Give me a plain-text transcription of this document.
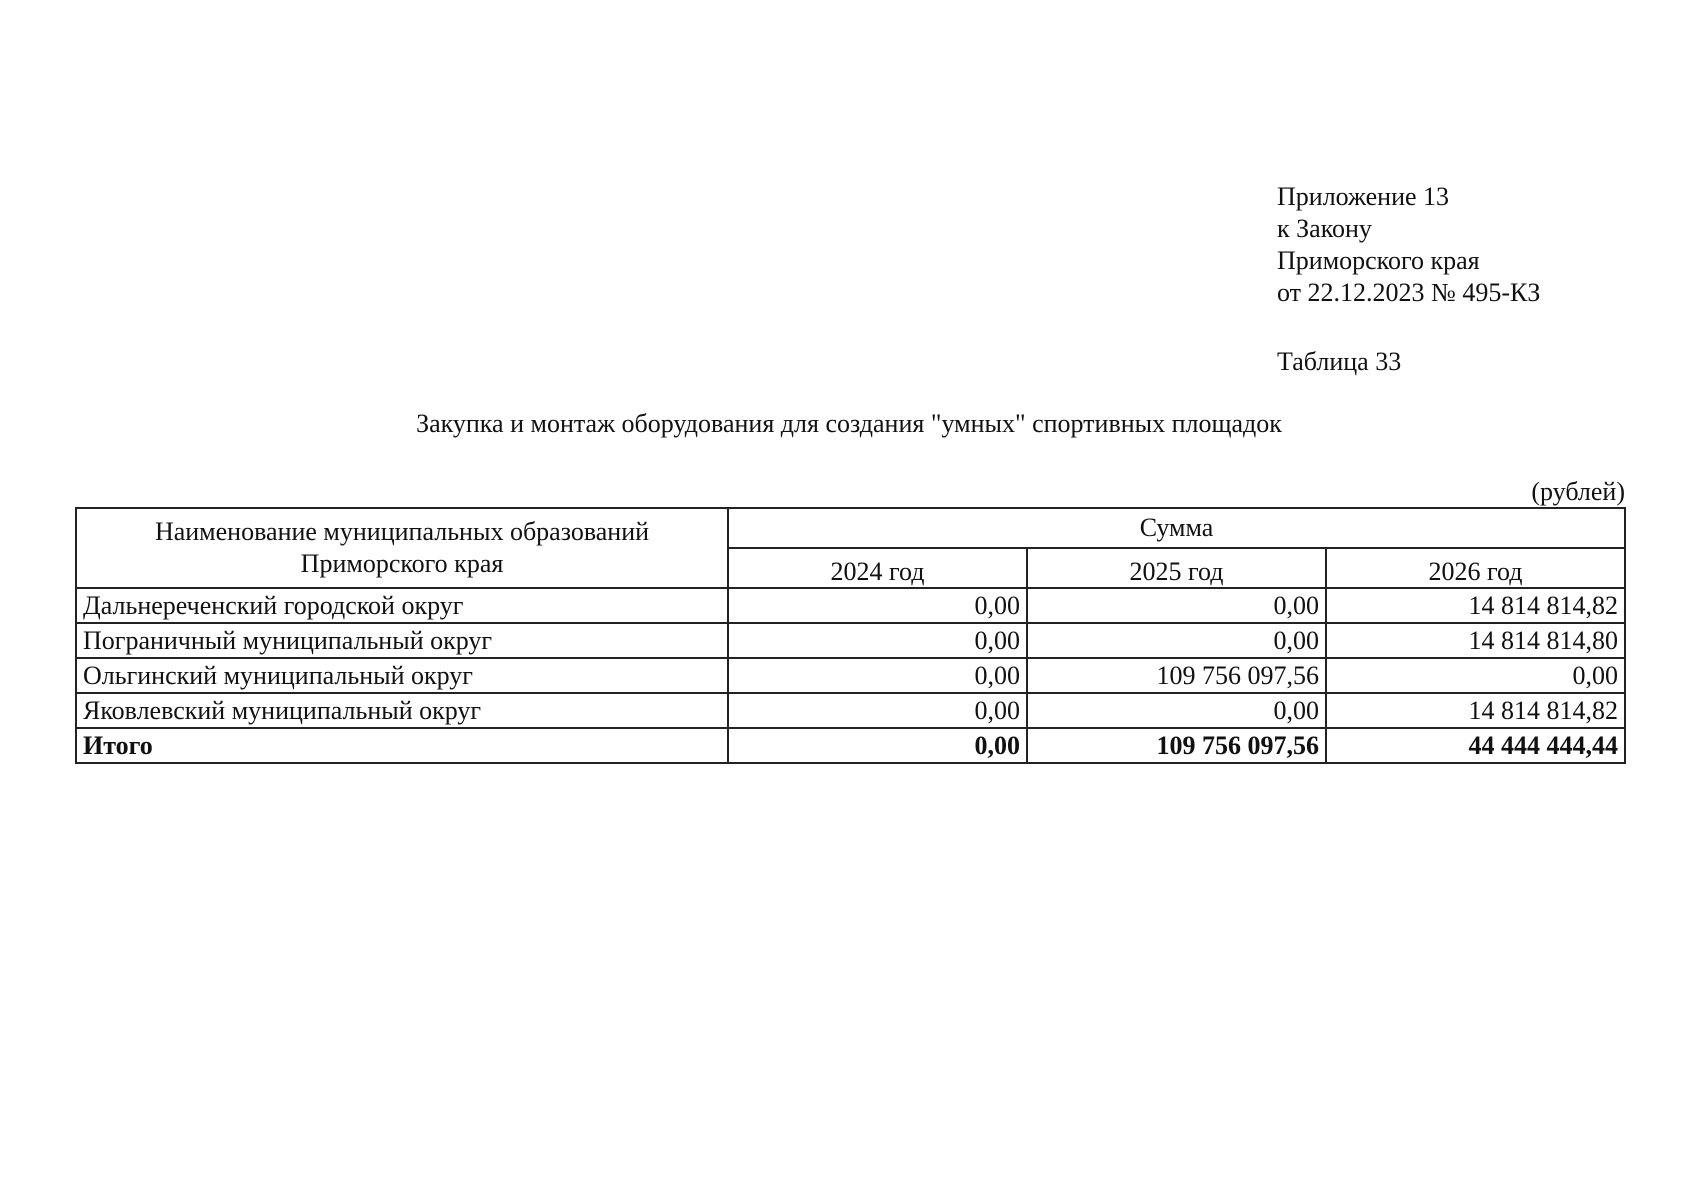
Приложение 13
к Закону
Приморского края
от 22.12.2023 № 495-КЗ
Таблица 33
Закупка и монтаж оборудования для создания "умных" спортивных площадок
(рублей)
Наименование муниципальных образований Приморского края	Сумма		
	2024 год	2025 год	2026 год
Дальнереченский городской округ	0,00	0,00	14 814 814,82
Пограничный муниципальный округ	0,00	0,00	14 814 814,80
Ольгинский муниципальный округ	0,00	109 756 097,56	0,00
Яковлевский муниципальный округ	0,00	0,00	14 814 814,82
Итого	0,00	109 756 097,56	44 444 444,44
